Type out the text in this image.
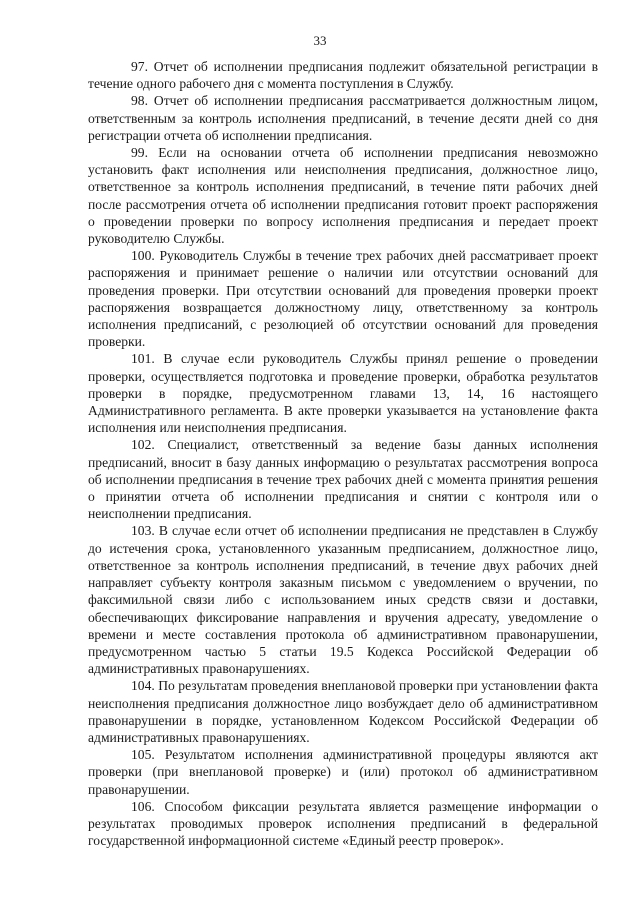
33

97. Отчет об исполнении предписания подлежит обязательной регистрации в течение одного рабочего дня с момента поступления в Службу.

98. Отчет об исполнении предписания рассматривается должностным лицом, ответственным за контроль исполнения предписаний, в течение десяти дней со дня регистрации отчета об исполнении предписания.

99. Если на основании отчета об исполнении предписания невозможно установить факт исполнения или неисполнения предписания, должностное лицо, ответственное за контроль исполнения предписаний, в течение пяти рабочих дней после рассмотрения отчета об исполнении предписания готовит проект распоряжения о проведении проверки по вопросу исполнения предписания и передает проект руководителю Службы.

100. Руководитель Службы в течение трех рабочих дней рассматривает проект распоряжения и принимает решение о наличии или отсутствии оснований для проведения проверки. При отсутствии оснований для проведения проверки проект распоряжения возвращается должностному лицу, ответственному за контроль исполнения предписаний, с резолюцией об отсутствии оснований для проведения проверки.

101. В случае если руководитель Службы принял решение о проведении проверки, осуществляется подготовка и проведение проверки, обработка результатов проверки в порядке, предусмотренном главами 13, 14, 16 настоящего Административного регламента. В акте проверки указывается на установление факта исполнения или неисполнения предписания.

102. Специалист, ответственный за ведение базы данных исполнения предписаний, вносит в базу данных информацию о результатах рассмотрения вопроса об исполнении предписания в течение трех рабочих дней с момента принятия решения о принятии отчета об исполнении предписания и снятии с контроля или о неисполнении предписания.

103. В случае если отчет об исполнении предписания не представлен в Службу до истечения срока, установленного указанным предписанием, должностное лицо, ответственное за контроль исполнения предписаний, в течение двух рабочих дней направляет субъекту контроля заказным письмом с уведомлением о вручении, по факсимильной связи либо с использованием иных средств связи и доставки, обеспечивающих фиксирование направления и вручения адресату, уведомление о времени и месте составления протокола об административном правонарушении, предусмотренном частью 5 статьи 19.5 Кодекса Российской Федерации об административных правонарушениях.

104. По результатам проведения внеплановой проверки при установлении факта неисполнения предписания должностное лицо возбуждает дело об административном правонарушении в порядке, установленном Кодексом Российской Федерации об административных правонарушениях.

105. Результатом исполнения административной процедуры являются акт проверки (при внеплановой проверке) и (или) протокол об административном правонарушении.

106. Способом фиксации результата является размещение информации о результатах проводимых проверок исполнения предписаний в федеральной государственной информационной системе «Единый реестр проверок».
